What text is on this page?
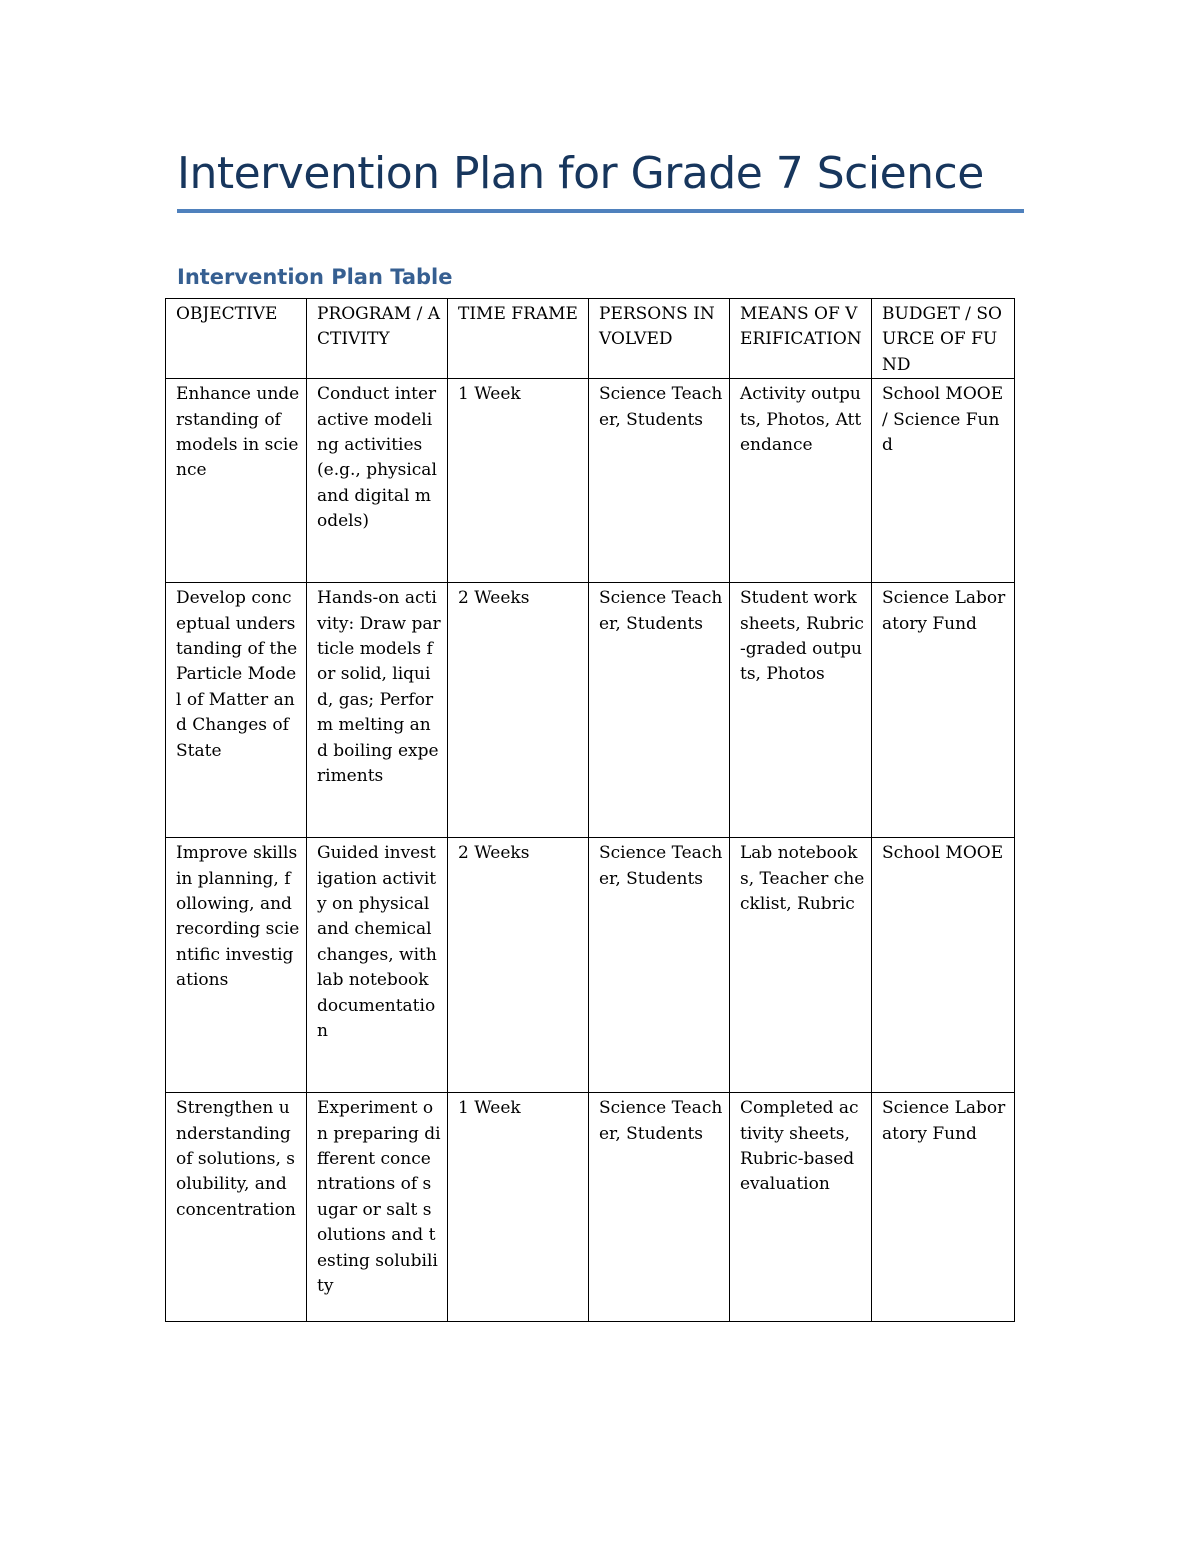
Intervention Plan for Grade 7 Science
Intervention Plan Table
OBJECTIVE	PROGRAM / ACTIVITY	TIME FRAME	PERSONS INVOLVED	MEANS OF VERIFICATION	BUDGET / SOURCE OF FUND
Enhance understanding of models in science	Conduct interactive modeling activities (e.g., physical and digital models)	1 Week	Science Teacher, Students	Activity outputs, Photos, Attendance	School MOOE / Science Fund
Develop conceptual understanding of the Particle Model of Matter and Changes of State	Hands-on activity: Draw particle models for solid, liquid, gas; Perform melting and boiling experiments	2 Weeks	Science Teacher, Students	Student worksheets, Rubric-graded outputs, Photos	Science Laboratory Fund
Improve skills in planning, following, and recording scientific investigations	Guided investigation activity on physical and chemical changes, with lab notebook documentation	2 Weeks	Science Teacher, Students	Lab notebooks, Teacher checklist, Rubric	School MOOE
Strengthen understanding of solutions, solubility, and concentration	Experiment on preparing different concentrations of sugar or salt solutions and testing solubility	1 Week	Science Teacher, Students	Completed activity sheets, Rubric-based evaluation	Science Laboratory Fund
